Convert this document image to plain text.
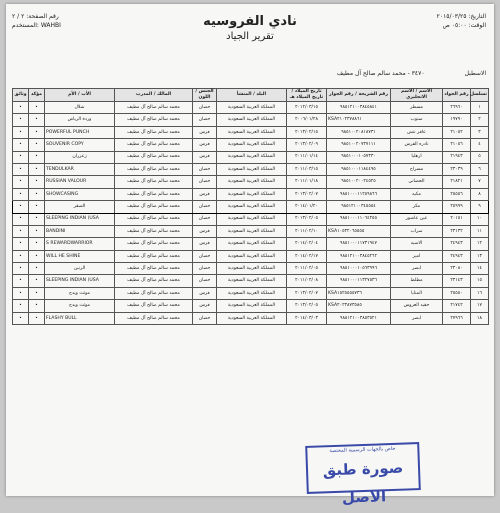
رقم الصفحة: ٢ / ٢
المستخدم: WAHBI
التاريخ: ٢٠١٥/٠٣/٢٥
الوقت: ٠٥:٠٠ ص
نادي الفروسيه
تقرير الجياد
الاسطبل
٣٤٧٠ - محمد سالم صالح آل مطيف
تسلسل	رقم الجواد	الاسم / الاسم الانجليزي	رقم الشريحة / رقم الجواز	تاريخ الميلاد / تاريخ الميلاد هـ	البلد / المنشأ	الجنس / اللون	المالك / المدرب	الأب / الأم	مؤكد	وثائق
١	٢٦٩٦٠	مسطر	٩٨٥١٢١٠٠٣٨٤٥٨٤١	٢٠١٢/٠٣/١٥	المملكة العربية السعودية	حصان	محمد سالم صالح آل مطيف	شلال	•	•
٢	١٩٧٩٠	سنوب	KSA٢١٠٢٣٧٨٨٦١	٢٠٠٦/٠١/٢٨	المملكة العربية السعودية	حصان	محمد سالم صالح آل مطيف	وردة الرياض	•	•
٣	٢١٠٥٢	عافر نتش	٩٨٥١٠٠٢٠٨١٨٧٣١	٢٠١٣/٠٢/١٥	المملكة العربية السعودية	فرس	محمد سالم صالح آل مطيف	POWERFUL PUNCH	•	•
٤	٢١٠٥٦	نادره الفرس	٩٨٥١٠٠٢٠٧٣٧١١١	٢٠١٣/٠٢/٠٩	المملكة العربية السعودية	فرس	محمد سالم صالح آل مطيف	SOUVENIR COPY	•	•
٥	٢١٩٤٣	ارهليا	٩٨٥١٠٠٠١٠٥٧٣٣٠	٢٠١١/٠١/١٤	المملكة العربية السعودية	فرس	محمد سالم صالح آل مطيف	زعزران	•	•
٦	٢٣٠٣٩	مسراح	٩٨٥١٠٠٠١١٨٤٤٩٥	٢٠١١/٠٣/١٥	المملكة العربية السعودية	حصان	محمد سالم صالح آل مطيف	TENDULKAR	•	•
٧	٢١٨٢١	الحصاني	٩٨٥١٠٠٢٠٠٢٤٥٢٥	٢٠١١/٠١/١٨	المملكة العربية السعودية	حصان	محمد سالم صالح آل مطيف	RUSSIAN VALOUR	•	•
٨	٢٥٥٥٦	مكيه	٩٨٥١٠٠٠١١٢٥٩٨٦٦	٢٠١٣/٠٢/٠٧	المملكة العربية السعودية	فرس	محمد سالم صالح آل مطيف	SHOWCASING	•	•
٩	٢٥٩٩٩	مكر	٩٨٥١٢١٠٠٣٤٥٥٥٤	٢٠١٤/٠١/٢٠	المملكة العربية السعودية	حصان	محمد سالم صالح آل مطيف	الصقر	•	•
١٠	٢٠١٥١	عين عاشور	٩٨٥١٠٠٠١١٠٦٤٢٥٥	٢٠١٣/٠٢/٠٥	المملكة العربية السعودية	حصان	محمد سالم صالح آل مطيف	SLEEPING INDIAN (USA	•	•
١١	٢٣١٣٢	سراب	KSA١٠٥٣٢٠٦٥٥٥٥	٢٠١١/٠٢/١٠	المملكة العربية السعودية	فرس	محمد سالم صالح آل مطيف	BANDINI	•	•
١٢	٢٤٩٤٣	الاسيه	٩٨٥١٠٠٠١١٧٣١٩٤٧	٢٠١٤/٠٢/٠٤	المملكة العربية السعودية	فرس	محمد سالم صالح آل مطيف	S REWARDWARRIOR	•	•
١٣	٢٤٩٤٣	امير	٩٨٥١٢١٠٠٣٨٤٥٢٦٢	٢٠١٤/٠٢/١٧	المملكة العربية السعودية	حصان	محمد سالم صالح آل مطيف	WILL HE SHINE	•	•
١٤	٢٣٠٨٠	ابصر	٩٨٥١٠٠٠١٠٥٦٣٩٩٦	٢٠١١/٠٢/٠٥	المملكة العربية السعودية	حصان	محمد سالم صالح آل مطيف	الرنين	•	•
١٥	٢٣١٤٣	مطلط	٩٨٥١٠٠٠١١٣٢٧٥٣٦	٢٠١١/٠٢/٠٨	المملكة العربية السعودية	حصان	محمد سالم صالح آل مطيف	SLEEPING INDIAN (USA	•	•
١٦	٢٥٥٥٠	المنايا	KSA١٥٢٥٥٥٥٧٣٦	٢٠١٣/٠٢/٠٧	المملكة العربية السعودية	فرس	محمد سالم صالح آل مطيف	موثث ويدج	•	•
١٧	٢١٧٤٢	حقيد العروس	KSA٢٠٢٣٨٧٣٥٨٥	٢٠١٣/٠٢/٠٥	المملكة العربية السعودية	فرس	محمد سالم صالح آل مطيف	موثث ويدج	•	•
١٨	٢٧٩٦٦	ابصر	٩٨٥١٢١٠٠٣٨٥٣٥٢١	٢٠١٤/٠٣/٠٣	المملكة العربية السعودية	حصان	محمد سالم صالح آل مطيف	FLASHY BULL	•	•
خاص بالجهات الرسمية المختصة
صورة طبق الاصل
